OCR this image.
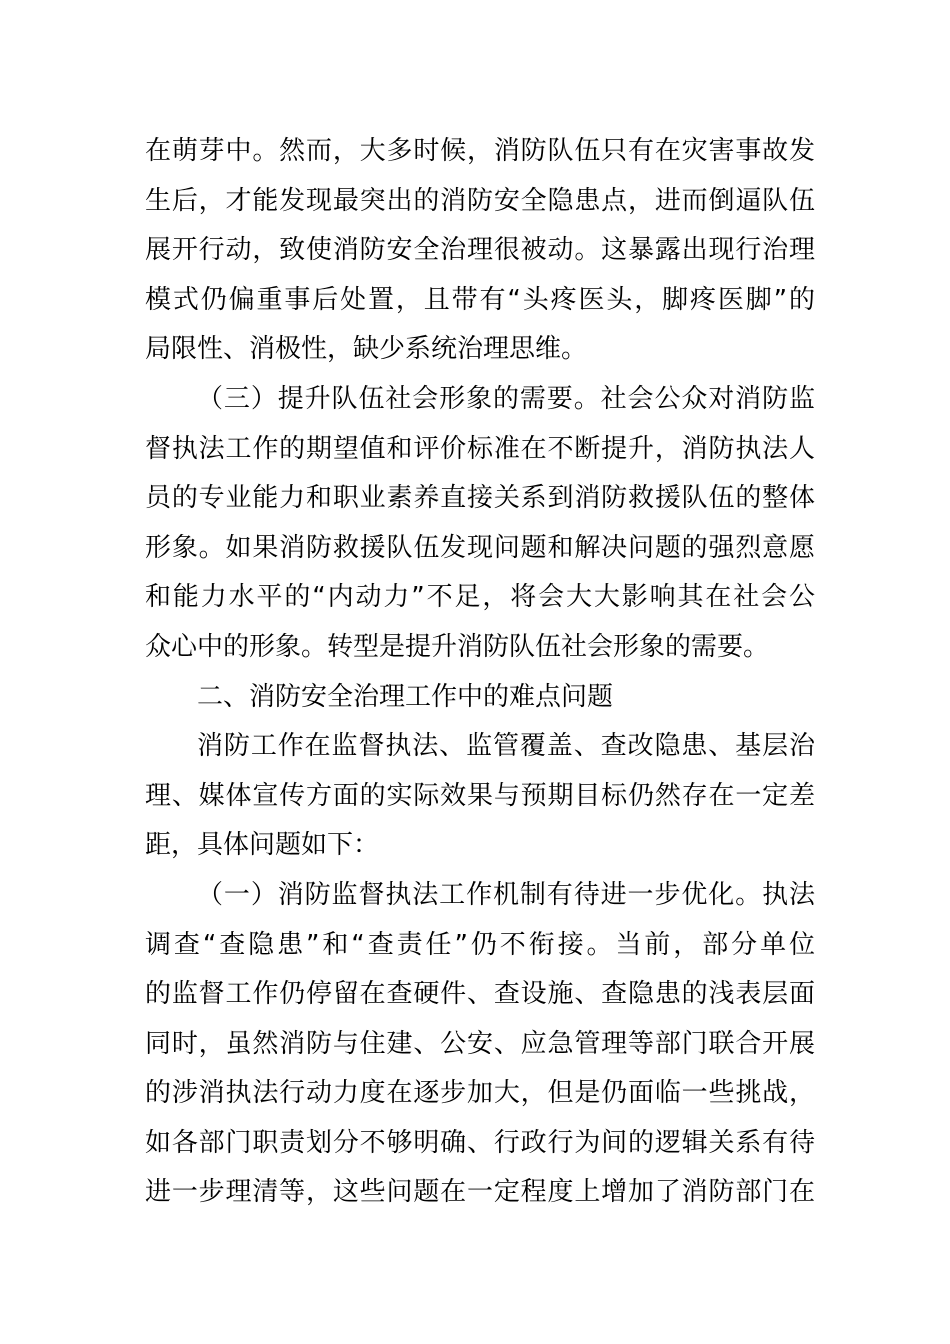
在萌芽中。然而，大多时候，消防队伍只有在灾害事故发
生后，才能发现最突出的消防安全隐患点，进而倒逼队伍
展开行动，致使消防安全治理很被动。这暴露出现行治理
模式仍偏重事后处置，且带有“头疼医头，脚疼医脚”的
局限性、消极性，缺少系统治理思维。
（三）提升队伍社会形象的需要。社会公众对消防监
督执法工作的期望值和评价标准在不断提升，消防执法人
员的专业能力和职业素养直接关系到消防救援队伍的整体
形象。如果消防救援队伍发现问题和解决问题的强烈意愿
和能力水平的“内动力”不足，将会大大影响其在社会公
众心中的形象。转型是提升消防队伍社会形象的需要。
二、消防安全治理工作中的难点问题
消防工作在监督执法、监管覆盖、查改隐患、基层治
理、媒体宣传方面的实际效果与预期目标仍然存在一定差
距，具体问题如下：
（一）消防监督执法工作机制有待进一步优化。执法
调查“查隐患”和“查责任”仍不衔接。当前，部分单位
的监督工作仍停留在查硬件、查设施、查隐患的浅表层面
同时，虽然消防与住建、公安、应急管理等部门联合开展
的涉消执法行动力度在逐步加大，但是仍面临一些挑战，
如各部门职责划分不够明确、行政行为间的逻辑关系有待
进一步理清等，这些问题在一定程度上增加了消防部门在
